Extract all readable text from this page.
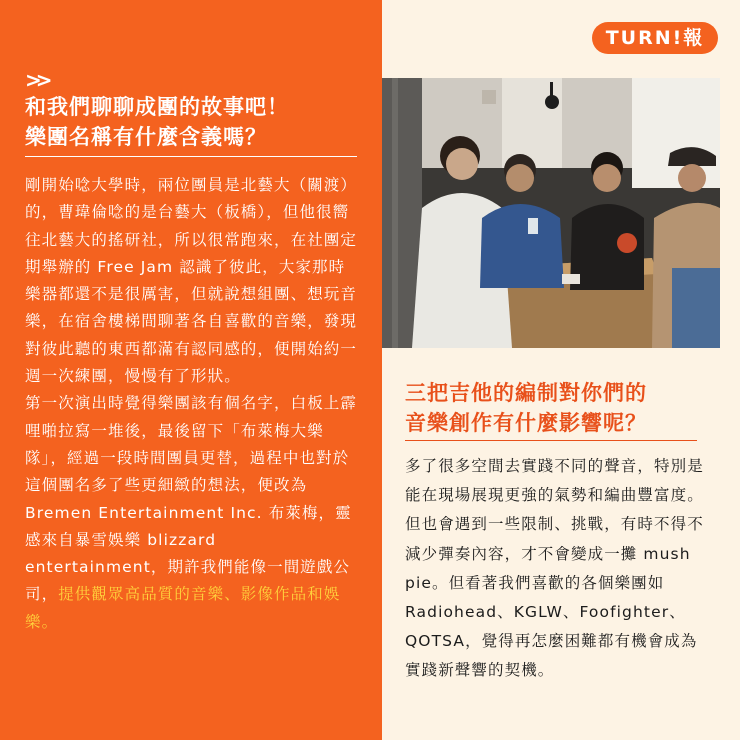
>>
和我們聊聊成團的故事吧！
樂團名稱有什麼含義嗎？

剛開始唸大學時，兩位團員是北藝大（關渡）的，曹瑋倫唸的是台藝大（板橋），但他很嚮往北藝大的搖研社，所以很常跑來，在社團定期舉辦的 Free Jam 認識了彼此，大家那時樂器都還不是很厲害，但就說想組團、想玩音樂，在宿舍樓梯間聊著各自喜歡的音樂，發現對彼此聽的東西都滿有認同感的，便開始約一週一次練團，慢慢有了形狀。

第一次演出時覺得樂團該有個名字，白板上霹哩啪拉寫一堆後，最後留下「布萊梅大樂隊」，經過一段時間團員更替，過程中也對於這個團名多了些更細緻的想法，便改為 Bremen Entertainment Inc. 布萊梅，靈感來自暴雪娛樂 blizzard entertainment，期許我們能像一間遊戲公司，提供觀眾高品質的音樂、影像作品和娛樂。

TURN!報
三把吉他的編制對你們的
音樂創作有什麼影響呢？

多了很多空間去實踐不同的聲音，特別是能在現場展現更強的氣勢和編曲豐富度。但也會遇到一些限制、挑戰，有時不得不減少彈奏內容，才不會變成一攤 mush pie。但看著我們喜歡的各個樂團如 Radiohead、KGLW、Foofighter、QOTSA，覺得再怎麼困難都有機會成為實踐新聲響的契機。
